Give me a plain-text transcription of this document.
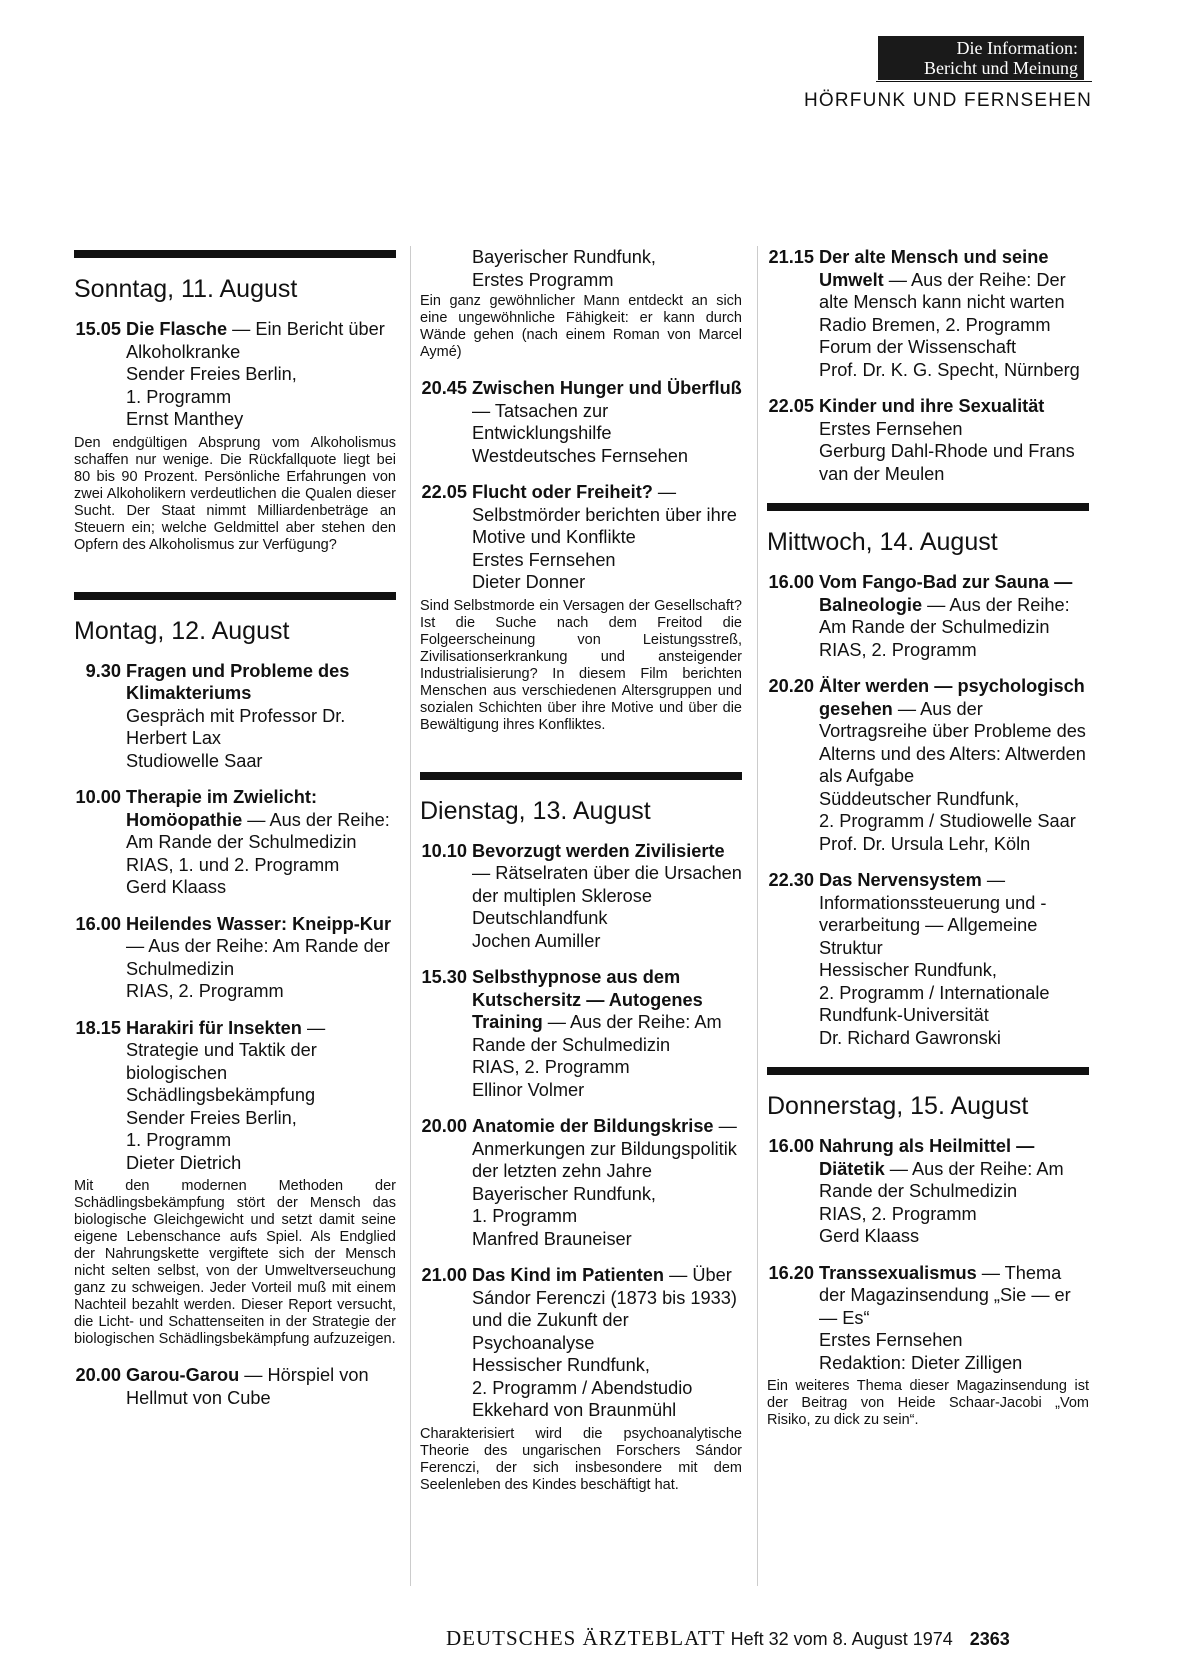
Die Information:
Bericht und Meinung
HÖRFUNK UND FERNSEHEN
Sonntag, 11. August
15.05 Die Flasche — Ein Bericht über Alkoholkranke
Sender Freies Berlin,
1. Programm
Ernst Manthey
Den endgültigen Absprung vom Alkoholismus schaffen nur wenige. Die Rückfallquote liegt bei 80 bis 90 Prozent. Persönliche Erfahrungen von zwei Alkoholikern verdeutlichen die Qualen dieser Sucht. Der Staat nimmt Milliardenbeträge an Steuern ein; welche Geldmittel aber stehen den Opfern des Alkoholismus zur Verfügung?
Montag, 12. August
9.30 Fragen und Probleme des Klimakteriums
Gespräch mit Professor Dr. Herbert Lax
Studiowelle Saar
10.00 Therapie im Zwielicht: Homöopathie — Aus der Reihe: Am Rande der Schulmedizin
RIAS, 1. und 2. Programm
Gerd Klaass
16.00 Heilendes Wasser: Kneipp-Kur — Aus der Reihe: Am Rande der Schulmedizin
RIAS, 2. Programm
18.15 Harakiri für Insekten — Strategie und Taktik der biologischen Schädlingsbekämpfung
Sender Freies Berlin,
1. Programm
Dieter Dietrich
Mit den modernen Methoden der Schädlingsbekämpfung stört der Mensch das biologische Gleichgewicht und setzt damit seine eigene Lebenschance aufs Spiel. Als Endglied der Nahrungskette vergiftete sich der Mensch nicht selten selbst, von der Umweltverseuchung ganz zu schweigen. Jeder Vorteil muß mit einem Nachteil bezahlt werden. Dieser Report versucht, die Licht- und Schattenseiten in der Strategie der biologischen Schädlingsbekämpfung aufzuzeigen.
20.00 Garou-Garou — Hörspiel von Hellmut von Cube
Bayerischer Rundfunk,
Erstes Programm
Ein ganz gewöhnlicher Mann entdeckt an sich eine ungewöhnliche Fähigkeit: er kann durch Wände gehen (nach einem Roman von Marcel Aymé)
20.45 Zwischen Hunger und Überfluß — Tatsachen zur Entwicklungshilfe
Westdeutsches Fernsehen
22.05 Flucht oder Freiheit? — Selbstmörder berichten über ihre Motive und Konflikte
Erstes Fernsehen
Dieter Donner
Sind Selbstmorde ein Versagen der Gesellschaft? Ist die Suche nach dem Freitod die Folgeerscheinung von Leistungsstreß, Zivilisationserkrankung und ansteigender Industrialisierung? In diesem Film berichten Menschen aus verschiedenen Altersgruppen und sozialen Schichten über ihre Motive und über die Bewältigung ihres Konfliktes.
Dienstag, 13. August
10.10 Bevorzugt werden Zivilisierte — Rätselraten über die Ursachen der multiplen Sklerose
Deutschlandfunk
Jochen Aumiller
15.30 Selbsthypnose aus dem Kutschersitz — Autogenes Training — Aus der Reihe: Am Rande der Schulmedizin
RIAS, 2. Programm
Ellinor Volmer
20.00 Anatomie der Bildungskrise — Anmerkungen zur Bildungspolitik der letzten zehn Jahre
Bayerischer Rundfunk,
1. Programm
Manfred Brauneiser
21.00 Das Kind im Patienten — Über Sándor Ferenczi (1873 bis 1933) und die Zukunft der Psychoanalyse
Hessischer Rundfunk,
2. Programm / Abendstudio
Ekkehard von Braunmühl
Charakterisiert wird die psychoanalytische Theorie des ungarischen Forschers Sándor Ferenczi, der sich insbesondere mit dem Seelenleben des Kindes beschäftigt hat.
21.15 Der alte Mensch und seine Umwelt — Aus der Reihe: Der alte Mensch kann nicht warten
Radio Bremen, 2. Programm
Forum der Wissenschaft
Prof. Dr. K. G. Specht, Nürnberg
22.05 Kinder und ihre Sexualität
Erstes Fernsehen
Gerburg Dahl-Rhode und Frans van der Meulen
Mittwoch, 14. August
16.00 Vom Fango-Bad zur Sauna — Balneologie — Aus der Reihe: Am Rande der Schulmedizin
RIAS, 2. Programm
20.20 Älter werden — psychologisch gesehen — Aus der Vortragsreihe über Probleme des Alterns und des Alters: Altwerden als Aufgabe
Süddeutscher Rundfunk,
2. Programm / Studiowelle Saar
Prof. Dr. Ursula Lehr, Köln
22.30 Das Nervensystem — Informationssteuerung und -verarbeitung — Allgemeine Struktur
Hessischer Rundfunk,
2. Programm / Internationale Rundfunk-Universität
Dr. Richard Gawronski
Donnerstag, 15. August
16.00 Nahrung als Heilmittel — Diätetik — Aus der Reihe: Am Rande der Schulmedizin
RIAS, 2. Programm
Gerd Klaass
16.20 Transsexualismus — Thema der Magazinsendung „Sie — er — Es“
Erstes Fernsehen
Redaktion: Dieter Zilligen
Ein weiteres Thema dieser Magazinsendung ist der Beitrag von Heide Schaar-Jacobi „Vom Risiko, zu dick zu sein“.
DEUTSCHES ÄRZTEBLATT Heft 32 vom 8. August 1974 2363
